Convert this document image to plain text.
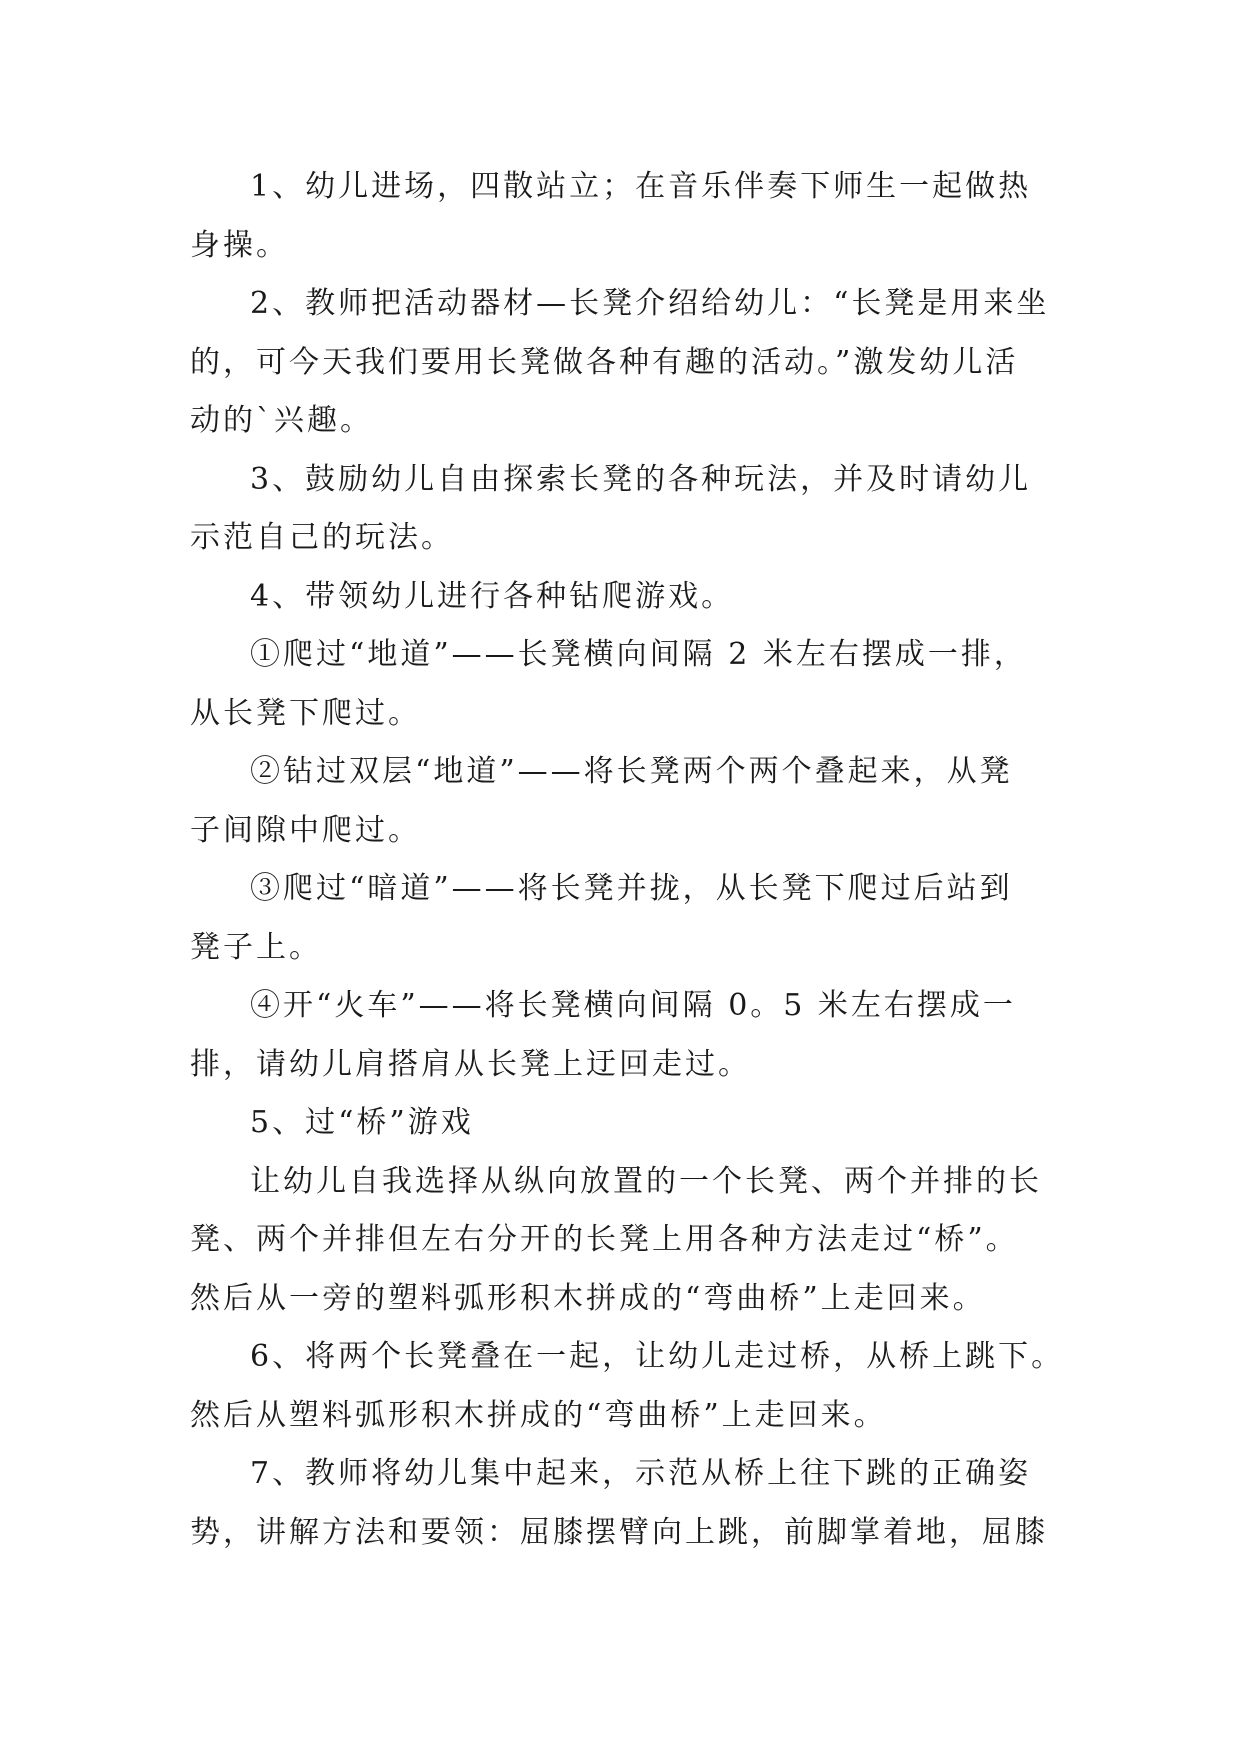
1、幼儿进场，四散站立；在音乐伴奏下师生一起做热
身操。
2、教师把活动器材—长凳介绍给幼儿：“长凳是用来坐
的，可今天我们要用长凳做各种有趣的活动。”激发幼儿活
动的`兴趣。
3、鼓励幼儿自由探索长凳的各种玩法，并及时请幼儿
示范自己的玩法。
4、带领幼儿进行各种钻爬游戏。
①爬过“地道”——长凳横向间隔 2 米左右摆成一排，
从长凳下爬过。
②钻过双层“地道”——将长凳两个两个叠起来，从凳
子间隙中爬过。
③爬过“暗道”——将长凳并拢，从长凳下爬过后站到
凳子上。
④开“火车”——将长凳横向间隔 0。5 米左右摆成一
排，请幼儿肩搭肩从长凳上迂回走过。
5、过“桥”游戏
让幼儿自我选择从纵向放置的一个长凳、两个并排的长
凳、两个并排但左右分开的长凳上用各种方法走过“桥”。
然后从一旁的塑料弧形积木拼成的“弯曲桥”上走回来。
6、将两个长凳叠在一起，让幼儿走过桥，从桥上跳下。
然后从塑料弧形积木拼成的“弯曲桥”上走回来。
7、教师将幼儿集中起来，示范从桥上往下跳的正确姿
势，讲解方法和要领：屈膝摆臂向上跳，前脚掌着地，屈膝
